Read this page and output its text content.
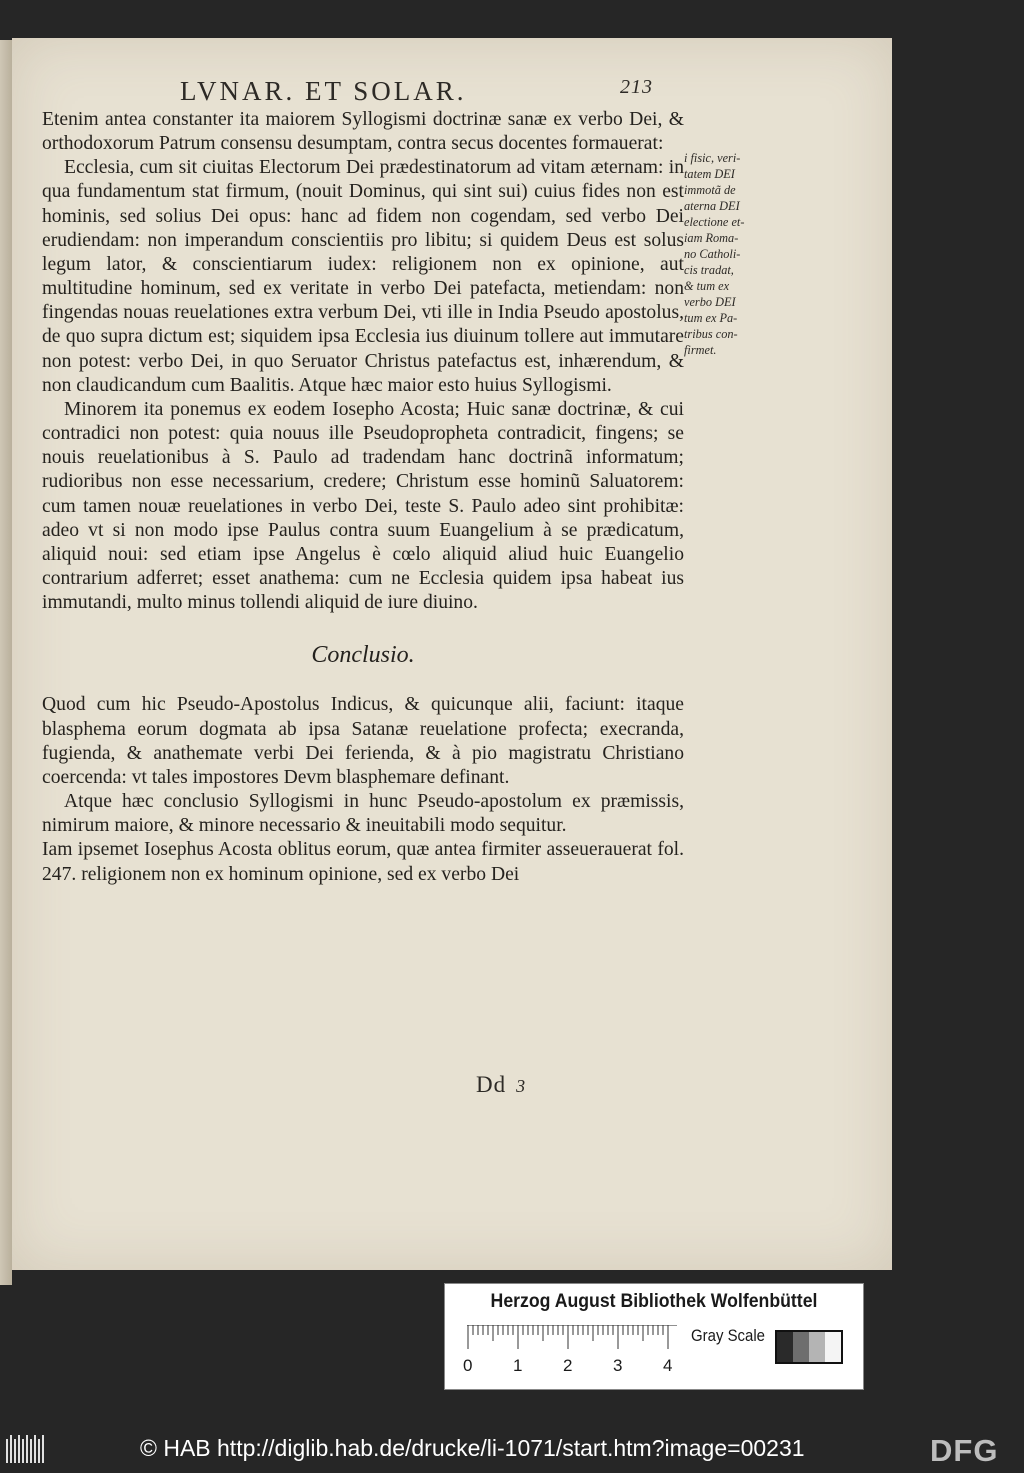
LVNAR. ET SOLAR.	213

Etenim antea constanter ita maiorem Syllogismi doctrinæ sanæ ex verbo Dei, & orthodoxorum Patrum consensu desumptam, contra secus docentes formauerat:

Ecclesia, cum sit ciuitas Electorum Dei prædestinatorum ad vitam æternam: in qua fundamentum stat firmum, (nouit Dominus, qui sint sui) cuius fides non est hominis, sed solius Dei opus: hanc ad fidem non cogendam, sed verbo Dei erudiendam: non imperandum conscientiis pro libitu; si quidem Deus est solus legum lator, & conscientiarum iudex: religionem non ex opinione, aut multitudine hominum, sed ex veritate in verbo Dei patefacta, metiendam: non fingendas nouas reuelationes extra verbum Dei, vti ille in India Pseudo apostolus, de quo supra dictum est; siquidem ipsa Ecclesia ius diuinum tollere aut immutare non potest: verbo Dei, in quo Seruator Christus patefactus est, inhærendum, & non claudicandum cum Baalitis. Atque hæc maior esto huius Syllogismi.

Minorem ita ponemus ex eodem Iosepho Acosta; Huic sanæ doctrinæ, & cui contradici non potest: quia nouus ille Pseudopropheta contradicit, fingens; se nouis reuelationibus à S. Paulo ad tradendam hanc doctrinã informatum; rudioribus non esse necessarium, credere; Christum esse hominũ Saluatorem: cum tamen nouæ reuelationes in verbo Dei, teste S. Paulo adeo sint prohibitæ: adeo vt si non modo ipse Paulus contra suum Euangelium à se prædicatum, aliquid noui: sed etiam ipse Angelus è cœlo aliquid aliud huic Euangelio contrarium adferret; esset anathema: cum ne Ecclesia quidem ipsa habeat ius immutandi, multo minus tollendi aliquid de iure diuino.

Conclusio.

Quod cum hic Pseudo-Apostolus Indicus, & quicunque alii, faciunt: itaque blasphema eorum dogmata ab ipsa Satanæ reuelatione profecta; execranda, fugienda, & anathemate verbi Dei ferienda, & à pio magistratu Christiano coercenda: vt tales impostores Devm blasphemare definant.

Atque hæc conclusio Syllogismi in hunc Pseudo-apostolum ex præmissis, nimirum maiore, & minore necessario & ineuitabili modo sequitur.

Iam ipsemet Iosephus Acosta oblitus eorum, quæ antea firmiter asseuerauerat fol. 247. religionem non ex hominum opinione, sed ex verbo Dei

i fisic, veri-
tatem DEI
immotã de
aterna DEI
electione et-
iam Roma-
no Catholi-
cis tradat,
& tum ex
verbo DEI
tum ex Pa-
tribus con-
firmet.
Dd 3
Herzog August Bibliothek Wolfenbüttel
0 1 2 3 4
Gray Scale
© HAB http://diglib.hab.de/drucke/li-1071/start.htm?image=00231	DFG
